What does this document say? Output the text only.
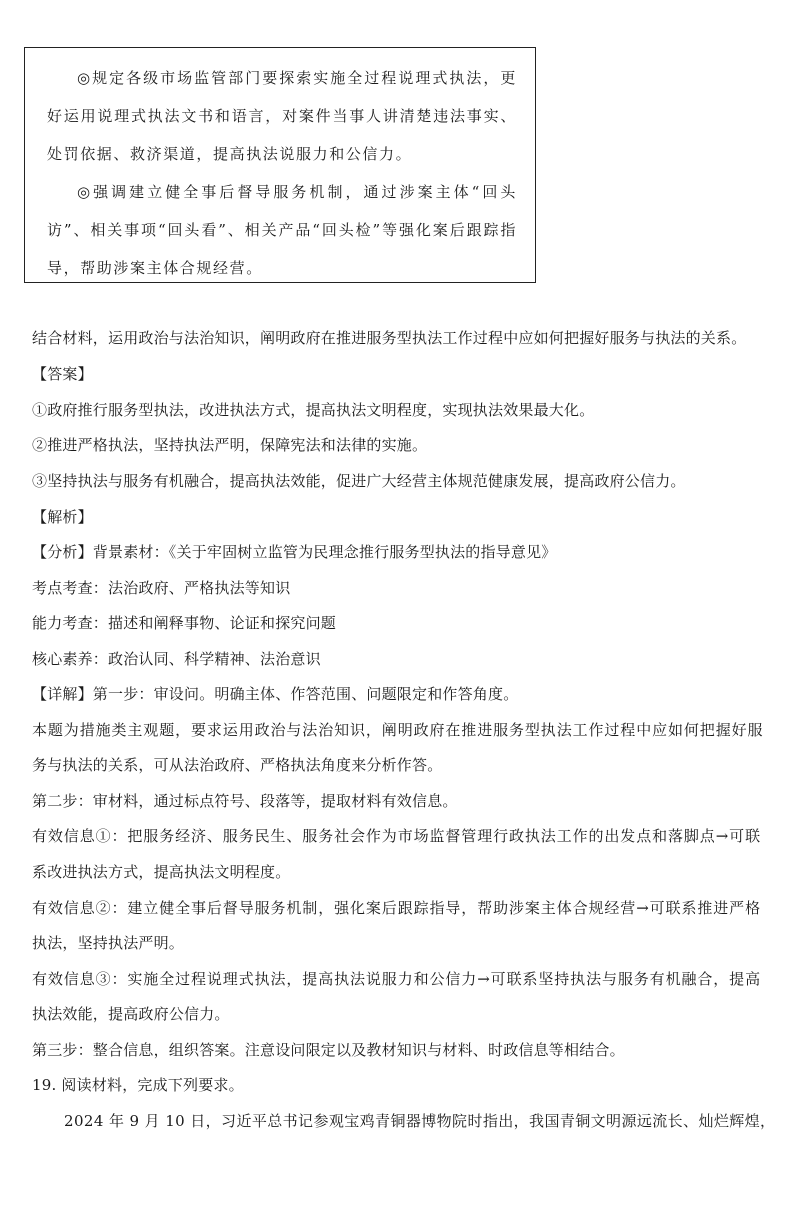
◎规定各级市场监管部门要探索实施全过程说理式执法，更好运用说理式执法文书和语言，对案件当事人讲清楚违法事实、处罚依据、救济渠道，提高执法说服力和公信力。
◎强调建立健全事后督导服务机制，通过涉案主体“回头访”、相关事项“回头看”、相关产品“回头检”等强化案后跟踪指导，帮助涉案主体合规经营。
结合材料，运用政治与法治知识，阐明政府在推进服务型执法工作过程中应如何把握好服务与执法的关系。
【答案】
①政府推行服务型执法，改进执法方式，提高执法文明程度，实现执法效果最大化。
②推进严格执法，坚持执法严明，保障宪法和法律的实施。
③坚持执法与服务有机融合，提高执法效能，促进广大经营主体规范健康发展，提高政府公信力。
【解析】
【分析】背景素材：《关于牢固树立监管为民理念推行服务型执法的指导意见》
考点考查：法治政府、严格执法等知识
能力考查：描述和阐释事物、论证和探究问题
核心素养：政治认同、科学精神、法治意识
【详解】第一步：审设问。明确主体、作答范围、问题限定和作答角度。
本题为措施类主观题，要求运用政治与法治知识，阐明政府在推进服务型执法工作过程中应如何把握好服
务与执法的关系，可从法治政府、严格执法角度来分析作答。
第二步：审材料，通过标点符号、段落等，提取材料有效信息。
有效信息①：把服务经济、服务民生、服务社会作为市场监督管理行政执法工作的出发点和落脚点→可联
系改进执法方式，提高执法文明程度。
有效信息②：建立健全事后督导服务机制，强化案后跟踪指导，帮助涉案主体合规经营→可联系推进严格
执法，坚持执法严明。
有效信息③：实施全过程说理式执法，提高执法说服力和公信力→可联系坚持执法与服务有机融合，提高
执法效能，提高政府公信力。
第三步：整合信息，组织答案。注意设问限定以及教材知识与材料、时政信息等相结合。
19. 阅读材料，完成下列要求。
2024 年 9 月 10 日，习近平总书记参观宝鸡青铜器博物院时指出，我国青铜文明源远流长、灿烂辉煌，
